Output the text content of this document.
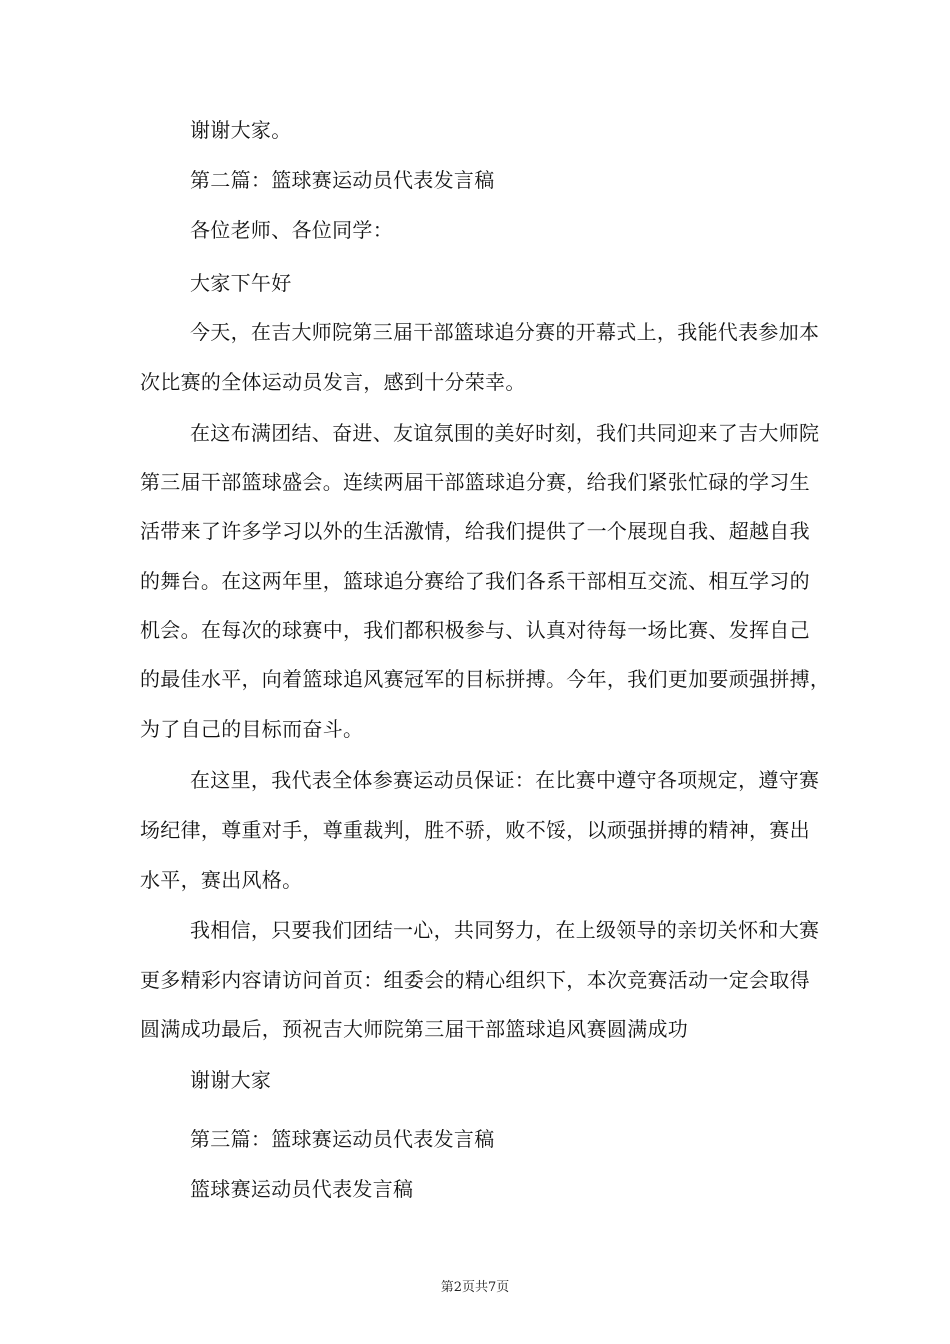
谢谢大家。
第二篇：篮球赛运动员代表发言稿
各位老师、各位同学：
大家下午好
今天，在吉大师院第三届干部篮球追分赛的开幕式上，我能代表参加本
次比赛的全体运动员发言，感到十分荣幸。
在这布满团结、奋进、友谊氛围的美好时刻，我们共同迎来了吉大师院
第三届干部篮球盛会。连续两届干部篮球追分赛，给我们紧张忙碌的学习生
活带来了许多学习以外的生活激情，给我们提供了一个展现自我、超越自我
的舞台。在这两年里，篮球追分赛给了我们各系干部相互交流、相互学习的
机会。在每次的球赛中，我们都积极参与、认真对待每一场比赛、发挥自己
的最佳水平，向着篮球追风赛冠军的目标拼搏。今年，我们更加要顽强拼搏，
为了自己的目标而奋斗。
在这里，我代表全体参赛运动员保证：在比赛中遵守各项规定，遵守赛
场纪律，尊重对手，尊重裁判，胜不骄，败不馁，以顽强拼搏的精神，赛出
水平，赛出风格。
我相信，只要我们团结一心，共同努力，在上级领导的亲切关怀和大赛
更多精彩内容请访问首页：组委会的精心组织下，本次竞赛活动一定会取得
圆满成功最后，预祝吉大师院第三届干部篮球追风赛圆满成功
谢谢大家
第三篇：篮球赛运动员代表发言稿
篮球赛运动员代表发言稿
第2页共7页
